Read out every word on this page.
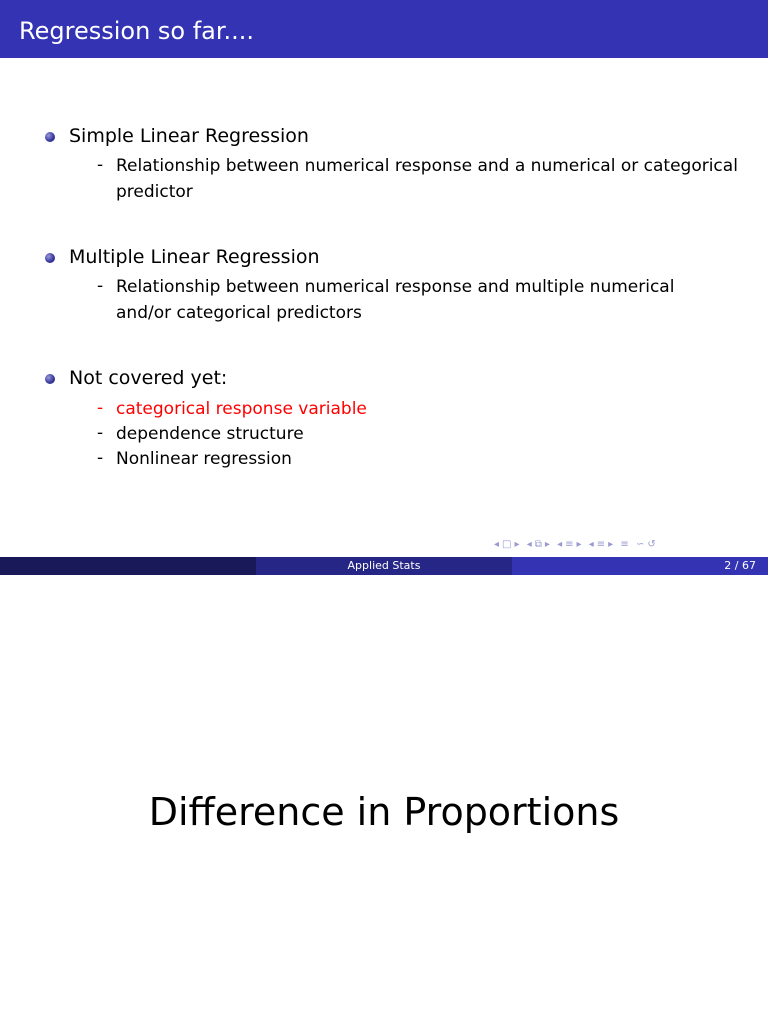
Regression so far....
Simple Linear Regression
- Relationship between numerical response and a numerical or categorical predictor
Multiple Linear Regression
- Relationship between numerical response and multiple numerical and/or categorical predictors
Not covered yet:
- categorical response variable
- dependence structure
- Nonlinear regression
◂ □ ▸ ◂ ⧉ ▸ ◂ ≡ ▸ ◂ ≡ ▸ ≡ ∽ ↺
Applied Stats	2 / 67
Difference in Proportions
